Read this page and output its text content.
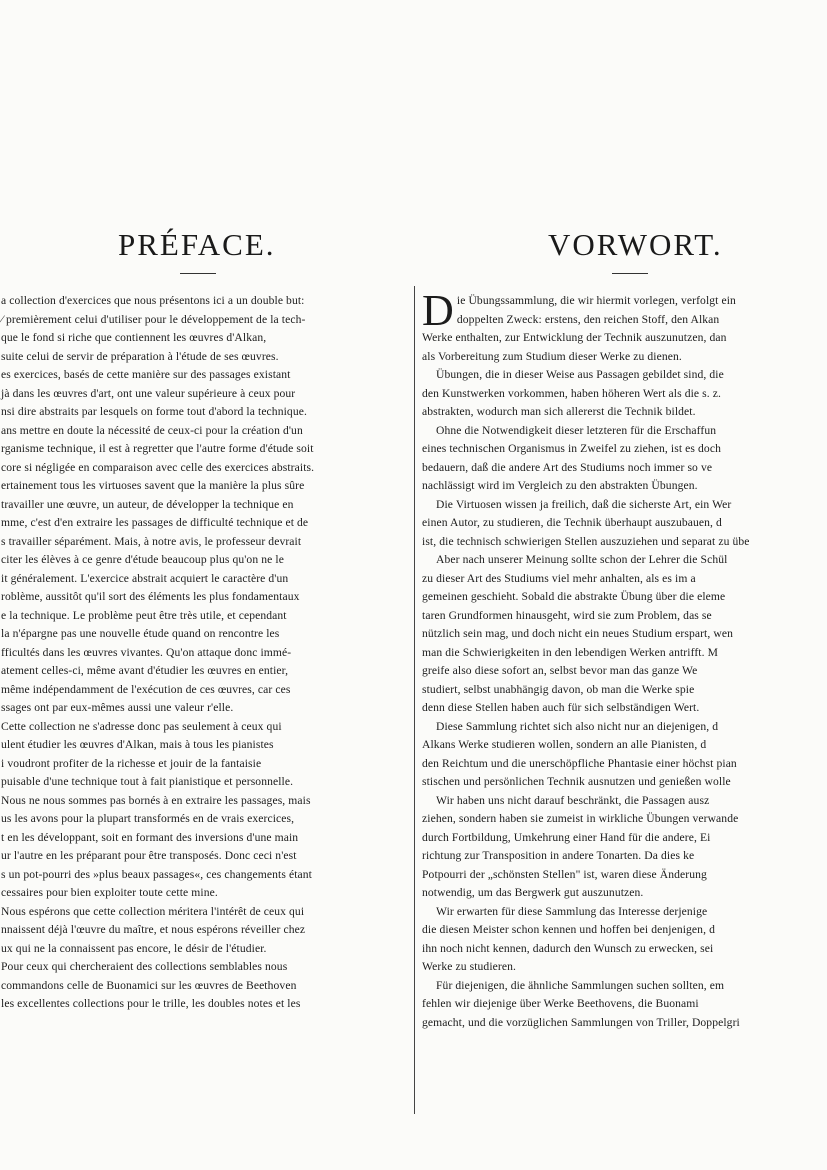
PRÉFACE.	VORWORT.

a collection d'exercices que nous présentons ici a un double but:
⁄ premièrement celui d'utiliser pour le développement de la tech-
que le fond si riche que contiennent les œuvres d'Alkan,
suite celui de servir de préparation à l'étude de ses œuvres.
es exercices, basés de cette manière sur des passages existant
jà dans les œuvres d'art, ont une valeur supérieure à ceux pour
nsi dire abstraits par lesquels on forme tout d'abord la technique.
ans mettre en doute la nécessité de ceux-ci pour la création d'un
rganisme technique, il est à regretter que l'autre forme d'étude soit
core si négligée en comparaison avec celle des exercices abstraits.
ertainement tous les virtuoses savent que la manière la plus sûre
travailler une œuvre, un auteur, de développer la technique en
mme, c'est d'en extraire les passages de difficulté technique et de
s travailler séparément. Mais, à notre avis, le professeur devrait
citer les élèves à ce genre d'étude beaucoup plus qu'on ne le
it généralement. L'exercice abstrait acquiert le caractère d'un
roblème, aussitôt qu'il sort des éléments les plus fondamentaux
e la technique. Le problème peut être très utile, et cependant
la n'épargne pas une nouvelle étude quand on rencontre les
fficultés dans les œuvres vivantes. Qu'on attaque donc immé-
atement celles-ci, même avant d'étudier les œuvres en entier,
même indépendamment de l'exécution de ces œuvres, car ces
ssages ont par eux-mêmes aussi une valeur r'elle.

Cette collection ne s'adresse donc pas seulement à ceux qui
ulent étudier les œuvres d'Alkan, mais à tous les pianistes
i voudront profiter de la richesse et jouir de la fantaisie
puisable d'une technique tout à fait pianistique et personnelle.

Nous ne nous sommes pas bornés à en extraire les passages, mais
us les avons pour la plupart transformés en de vrais exercices,
t en les développant, soit en formant des inversions d'une main
ur l'autre en les préparant pour être transposés. Donc ceci n'est
s un pot-pourri des »plus beaux passages«, ces changements étant
cessaires pour bien exploiter toute cette mine.

Nous espérons que cette collection méritera l'intérêt de ceux qui
nnaissent déjà l'œuvre du maître, et nous espérons réveiller chez
ux qui ne la connaissent pas encore, le désir de l'étudier.

Pour ceux qui chercheraient des collections semblables nous
commandons celle de Buonamici sur les œuvres de Beethoven
les excellentes collections pour le trille, les doubles notes et les

D ie Übungssammlung, die wir hiermit vorlegen, verfolgt ein
doppelten Zweck: erstens, den reichen Stoff, den Alkan
Werke enthalten, zur Entwicklung der Technik auszunutzen, dan
als Vorbereitung zum Studium dieser Werke zu dienen.

Übungen, die in dieser Weise aus Passagen gebildet sind, die
den Kunstwerken vorkommen, haben höheren Wert als die s. z.
abstrakten, wodurch man sich allererst die Technik bildet.

Ohne die Notwendigkeit dieser letzteren für die Erschaffun
eines technischen Organismus in Zweifel zu ziehen, ist es doch
bedauern, daß die andere Art des Studiums noch immer so ve
nachlässigt wird im Vergleich zu den abstrakten Übungen.

Die Virtuosen wissen ja freilich, daß die sicherste Art, ein Wer
einen Autor, zu studieren, die Technik überhaupt auszubauen, d
ist, die technisch schwierigen Stellen auszuziehen und separat zu übe

Aber nach unserer Meinung sollte schon der Lehrer die Schül
zu dieser Art des Studiums viel mehr anhalten, als es im a
gemeinen geschieht. Sobald die abstrakte Übung über die eleme
taren Grundformen hinausgeht, wird sie zum Problem, das se
nützlich sein mag, und doch nicht ein neues Studium erspart, wen
man die Schwierigkeiten in den lebendigen Werken antrifft. M
greife also diese sofort an, selbst bevor man das ganze We
studiert, selbst unabhängig davon, ob man die Werke spie
denn diese Stellen haben auch für sich selbständigen Wert.

Diese Sammlung richtet sich also nicht nur an diejenigen, d
Alkans Werke studieren wollen, sondern an alle Pianisten, d
den Reichtum und die unerschöpfliche Phantasie einer höchst pian
stischen und persönlichen Technik ausnutzen und genießen wolle

Wir haben uns nicht darauf beschränkt, die Passagen ausz
ziehen, sondern haben sie zumeist in wirkliche Übungen verwande
durch Fortbildung, Umkehrung einer Hand für die andere, Ei
richtung zur Transposition in andere Tonarten. Da dies ke
Potpourri der „schönsten Stellen" ist, waren diese Änderung
notwendig, um das Bergwerk gut auszunutzen.

Wir erwarten für diese Sammlung das Interesse derjenige
die diesen Meister schon kennen und hoffen bei denjenigen, d
ihn noch nicht kennen, dadurch den Wunsch zu erwecken, sei
Werke zu studieren.

Für diejenigen, die ähnliche Sammlungen suchen sollten, em
fehlen wir diejenige über Werke Beethovens, die Buonami
gemacht, und die vorzüglichen Sammlungen von Triller, Doppelgri
